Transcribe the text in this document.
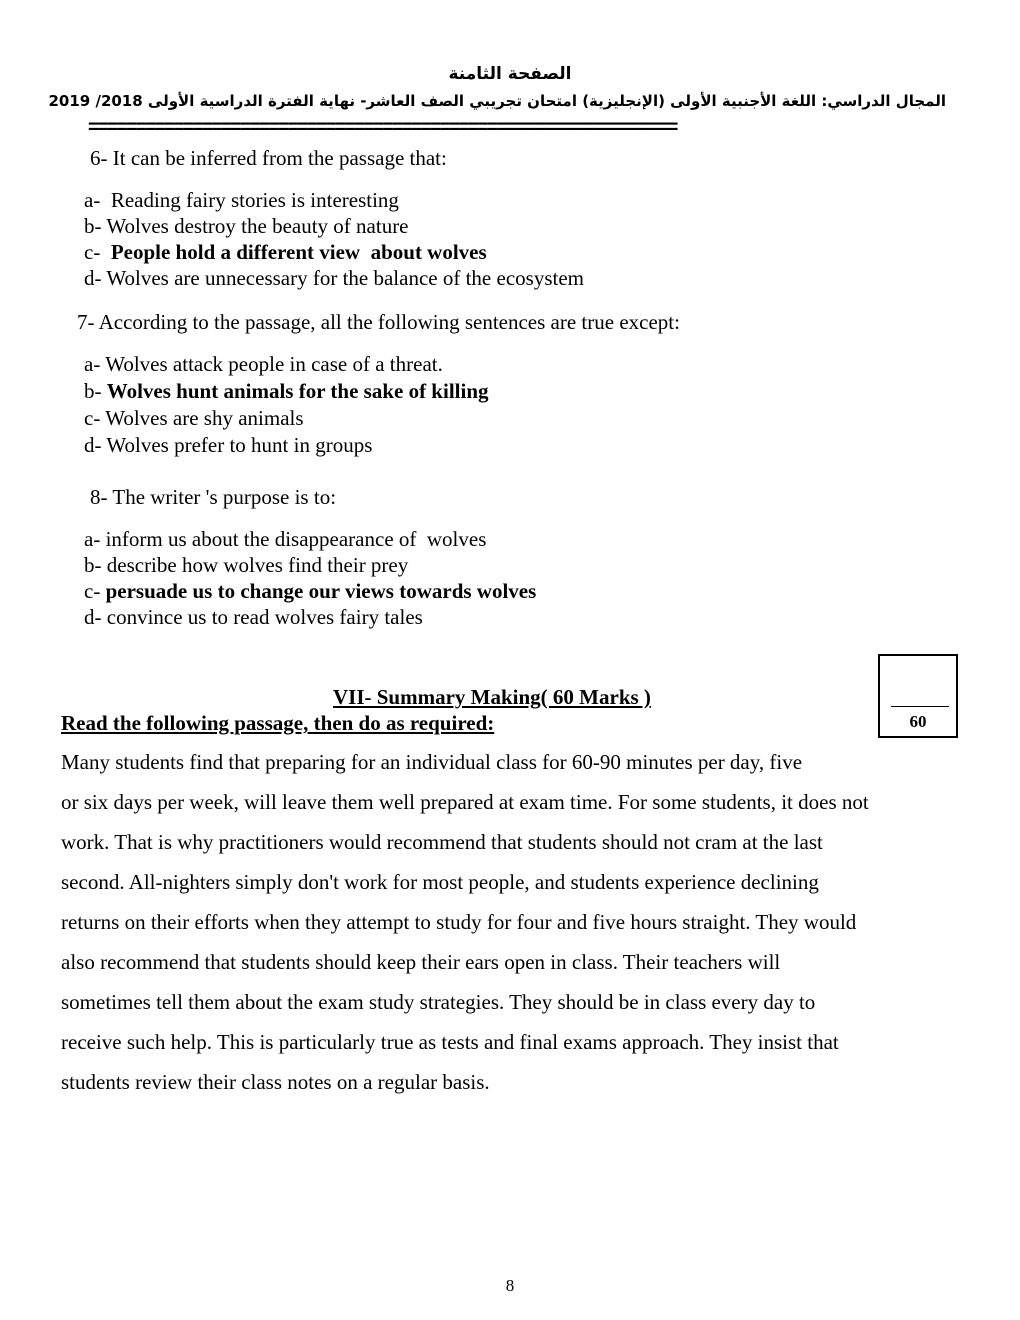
الصفحة الثامنة
المجال الدراسي: اللغة الأجنبية الأولى (الإنجليزية) امتحان تجريبي الصف العاشر- نهاية الفترة الدراسية الأولى 2018/ 2019
==============================================================
6- It can be inferred from the passage that:
a- Reading fairy stories is interesting
b- Wolves destroy the beauty of nature
c- People hold a different view  about wolves
d- Wolves are unnecessary for the balance of the ecosystem
7- According to the passage, all the following sentences are true except:
a- Wolves attack people in case of a threat.
b- Wolves hunt animals for the sake of killing
c- Wolves are shy animals
d- Wolves prefer to hunt in groups
8- The writer 's purpose is to:
a- inform us about the disappearance of  wolves
b- describe how wolves find their prey
c- persuade us to change our views towards wolves
d- convince us to read wolves fairy tales
VII- Summary Making( 60 Marks )
Read the following passage, then do as required:	60
Many students find that preparing for an individual class for 60-90 minutes per day, five
or six days per week, will leave them well prepared at exam time. For some students, it does not
work. That is why practitioners would recommend that students should not cram at the last
second. All-nighters simply don't work for most people, and students experience declining
returns on their efforts when they attempt to study for four and five hours straight. They would
also recommend that students should keep their ears open in class. Their teachers will
sometimes tell them about the exam study strategies. They should be in class every day to
receive such help. This is particularly true as tests and final exams approach. They insist that
students review their class notes on a regular basis.
8
